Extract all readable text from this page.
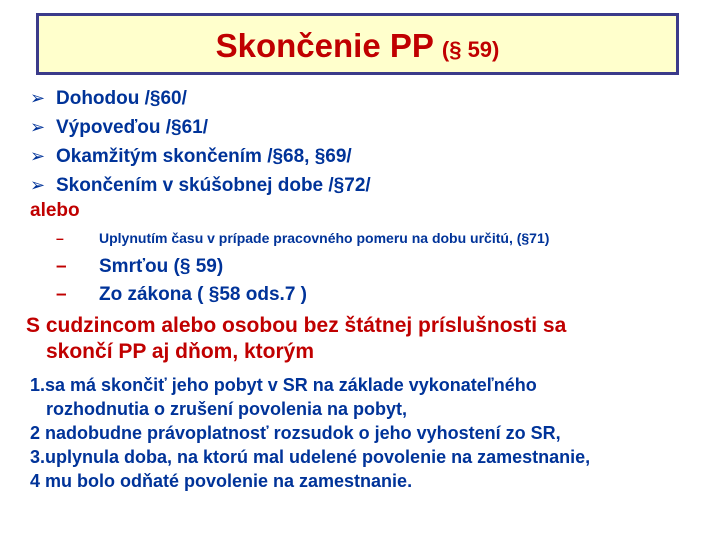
Skončenie PP (§ 59)
➢ Dohodou /§60/
➢ Výpoveďou /§61/
➢ Okamžitým skončením /§68, §69/
➢ Skončením v skúšobnej dobe /§72/
alebo
–	Uplynutím času v prípade pracovného pomeru na dobu určitú, (§71)
– Smrťou (§ 59)
– Zo zákona ( §58 ods.7 )
S cudzincom alebo osobou bez štátnej príslušnosti sa
skončí PP aj dňom, ktorým
1.sa má skončiť jeho pobyt v SR na základe vykonateľného
rozhodnutia o zrušení povolenia na pobyt,
2 nadobudne právoplatnosť rozsudok o jeho vyhostení zo SR,
3.uplynula doba, na ktorú mal udelené povolenie na zamestnanie,
4 mu bolo odňaté povolenie na zamestnanie.
